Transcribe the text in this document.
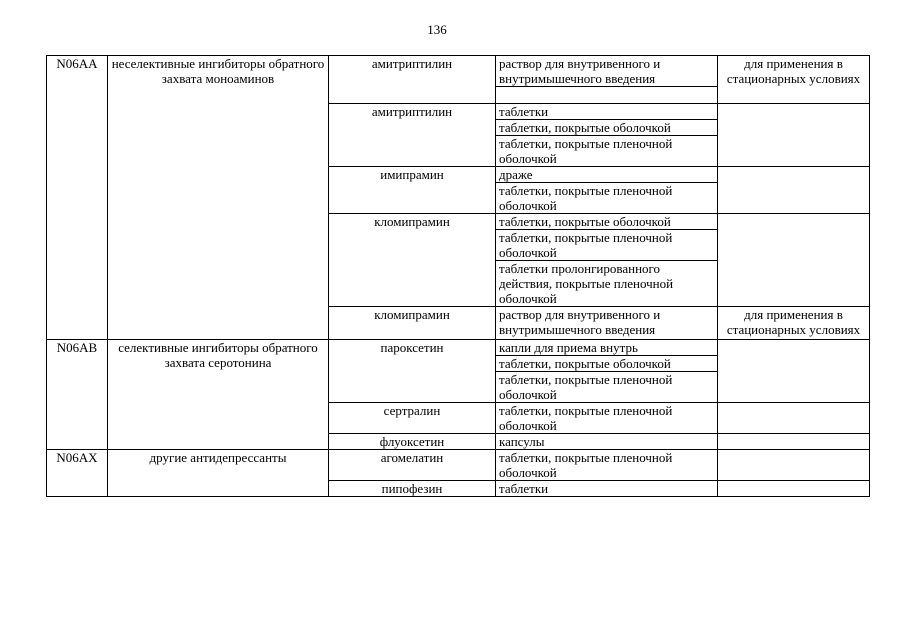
136
N06AA	неселективные ингибиторы обратного захвата моноаминов	амитриптилин	раствор для внутривенного и внутримышечного введения	для применения в стационарных условиях

		амитриптилин	таблетки	
			таблетки, покрытые оболочкой	
			таблетки, покрытые пленочной оболочкой	
		имипрамин	драже	
			таблетки, покрытые пленочной оболочкой	
		кломипрамин	таблетки, покрытые оболочкой	
			таблетки, покрытые пленочной оболочкой	
			таблетки пролонгированного действия, покрытые пленочной оболочкой	
		кломипрамин	раствор для внутривенного и внутримышечного введения	для применения в стационарных условиях
N06AB	селективные ингибиторы обратного захвата серотонина	пароксетин	капли для приема внутрь	
			таблетки, покрытые оболочкой	
			таблетки, покрытые пленочной оболочкой	
		сертралин	таблетки, покрытые пленочной оболочкой	
		флуоксетин	капсулы	
N06AX	другие антидепрессанты	агомелатин	таблетки, покрытые пленочной оболочкой	
		пипофезин	таблетки	
